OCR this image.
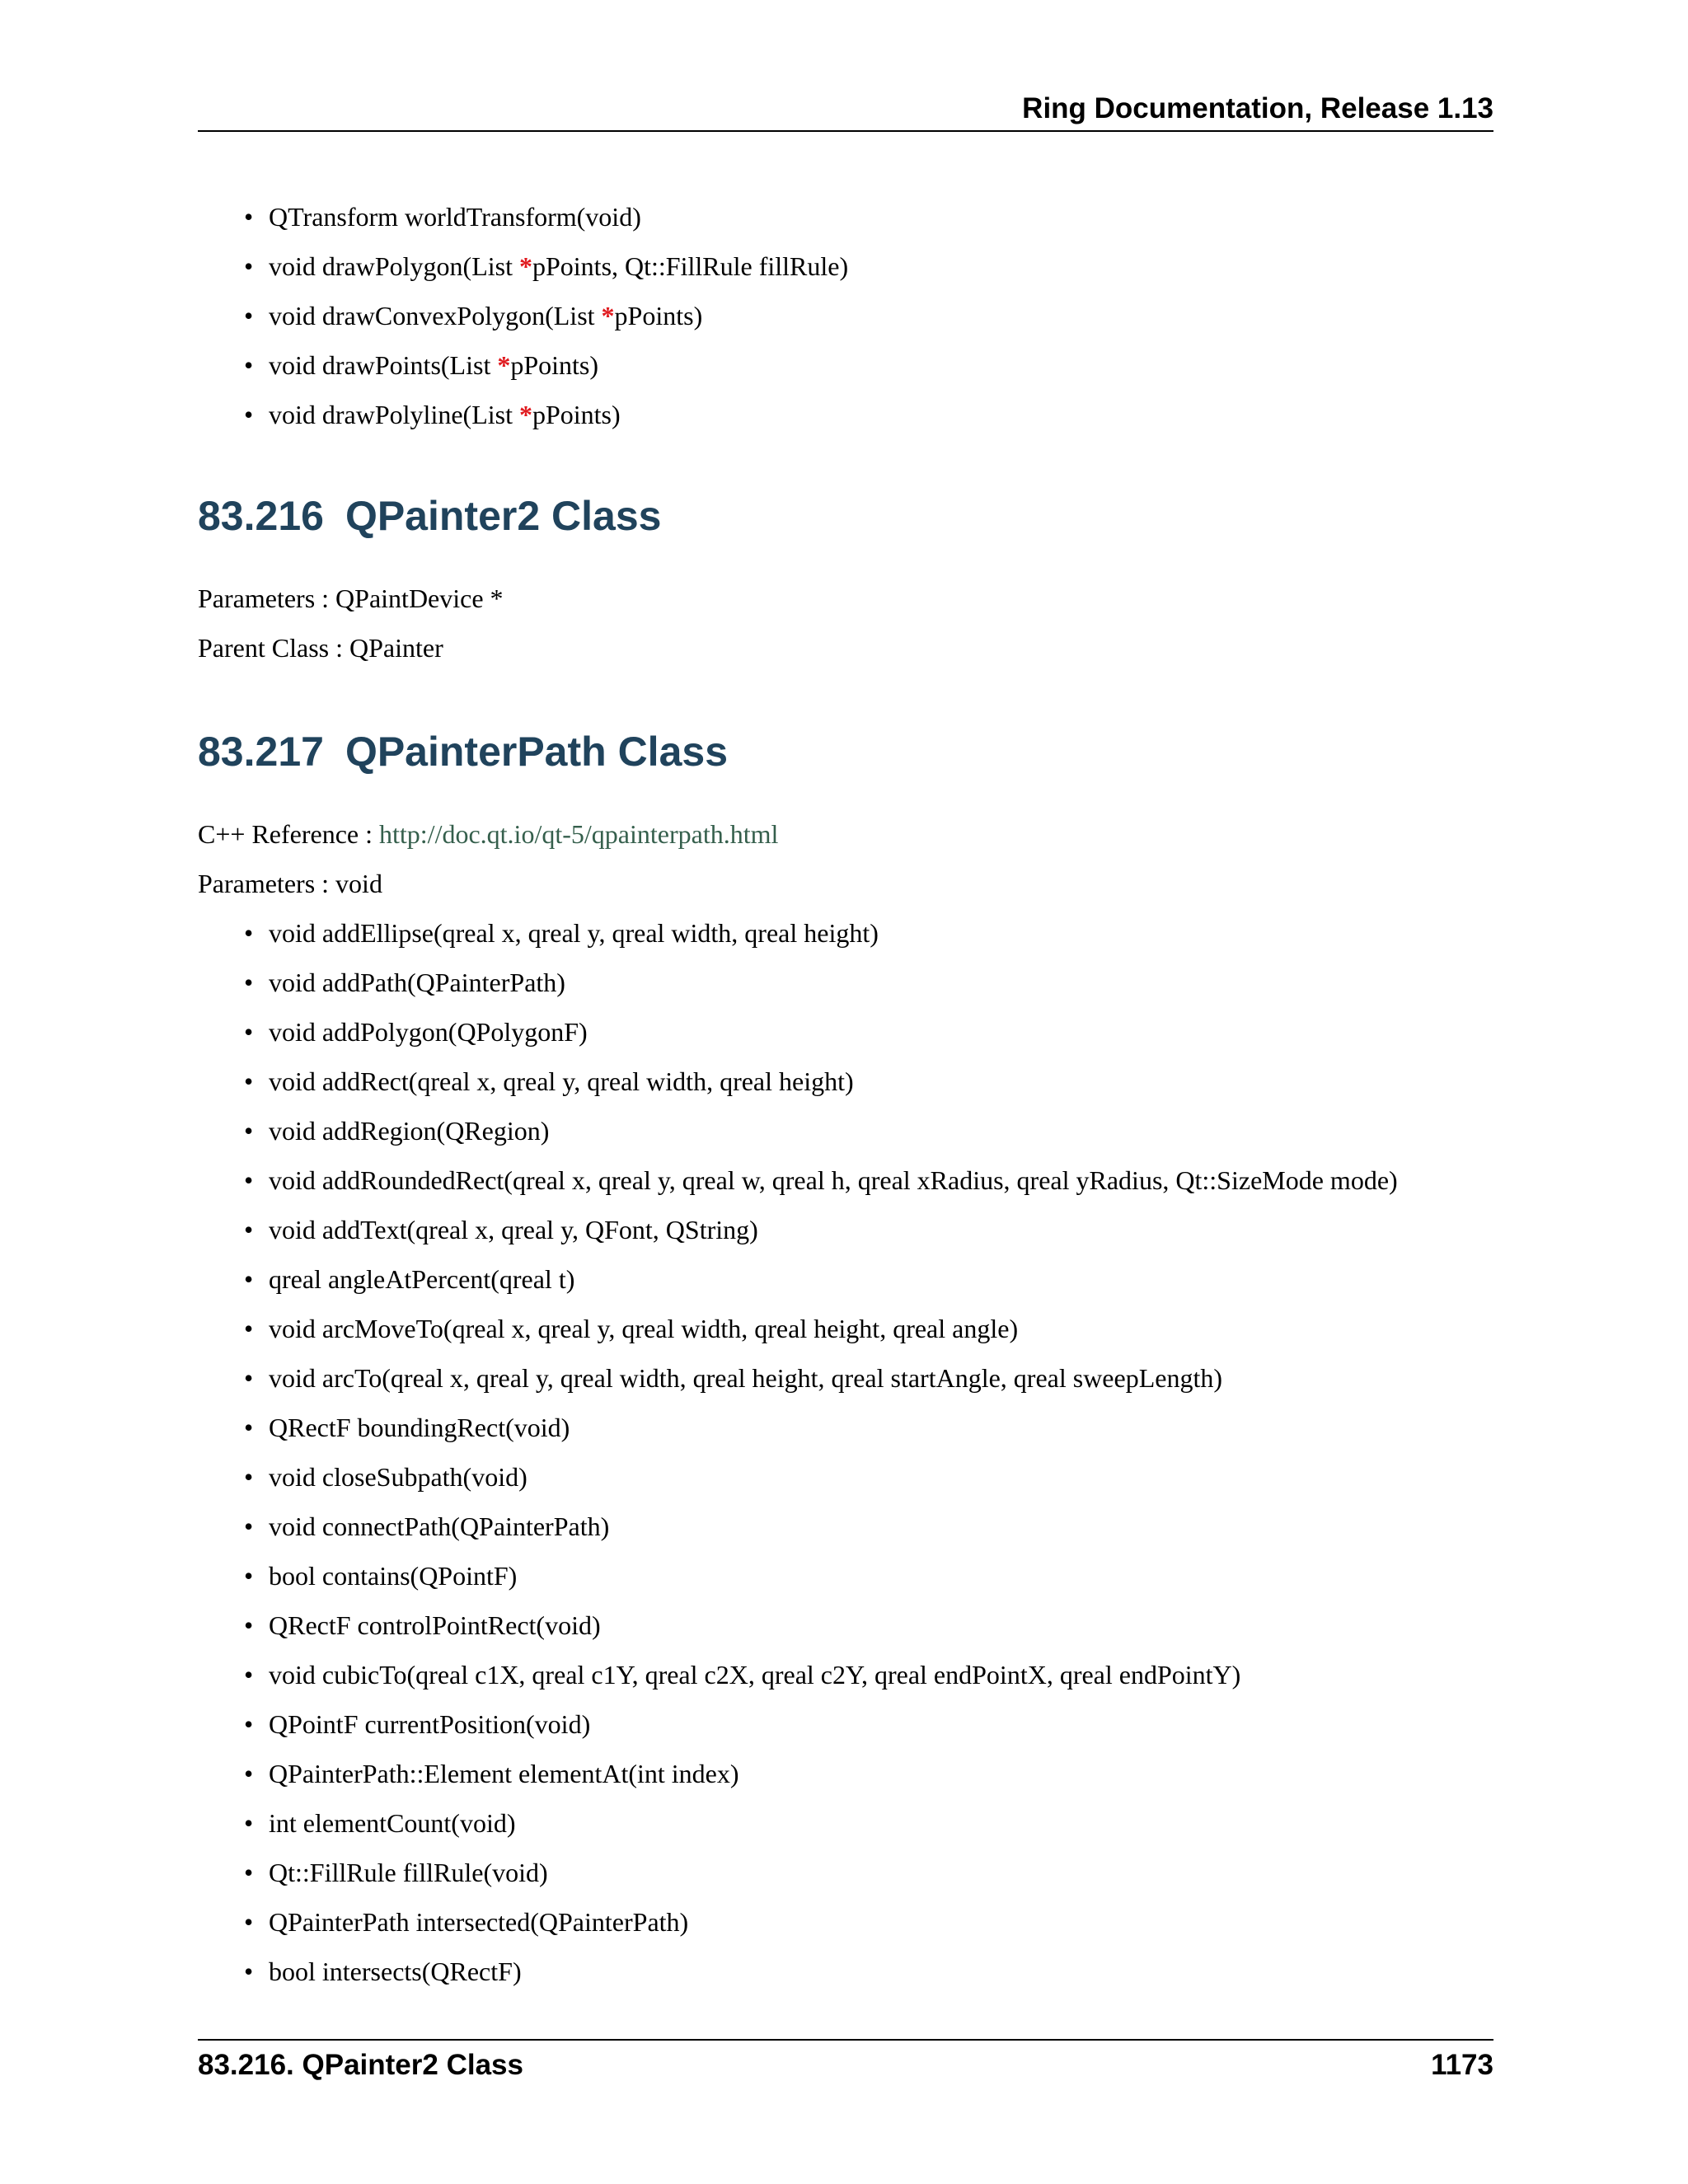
Ring Documentation, Release 1.13
• QTransform worldTransform(void)
• void drawPolygon(List *pPoints, Qt::FillRule fillRule)
• void drawConvexPolygon(List *pPoints)
• void drawPoints(List *pPoints)
• void drawPolyline(List *pPoints)
83.216 QPainter2 Class

Parameters : QPaintDevice *

Parent Class : QPainter

83.217 QPainterPath Class

C++ Reference : http://doc.qt.io/qt-5/qpainterpath.html

Parameters : void

• void addEllipse(qreal x, qreal y, qreal width, qreal height)
• void addPath(QPainterPath)
• void addPolygon(QPolygonF)
• void addRect(qreal x, qreal y, qreal width, qreal height)
• void addRegion(QRegion)
• void addRoundedRect(qreal x, qreal y, qreal w, qreal h, qreal xRadius, qreal yRadius, Qt::SizeMode mode)
• void addText(qreal x, qreal y, QFont, QString)
• qreal angleAtPercent(qreal t)
• void arcMoveTo(qreal x, qreal y, qreal width, qreal height, qreal angle)
• void arcTo(qreal x, qreal y, qreal width, qreal height, qreal startAngle, qreal sweepLength)
• QRectF boundingRect(void)
• void closeSubpath(void)
• void connectPath(QPainterPath)
• bool contains(QPointF)
• QRectF controlPointRect(void)
• void cubicTo(qreal c1X, qreal c1Y, qreal c2X, qreal c2Y, qreal endPointX, qreal endPointY)
• QPointF currentPosition(void)
• QPainterPath::Element elementAt(int index)
• int elementCount(void)
• Qt::FillRule fillRule(void)
• QPainterPath intersected(QPainterPath)
• bool intersects(QRectF)
83.216. QPainter2 Class	1173
